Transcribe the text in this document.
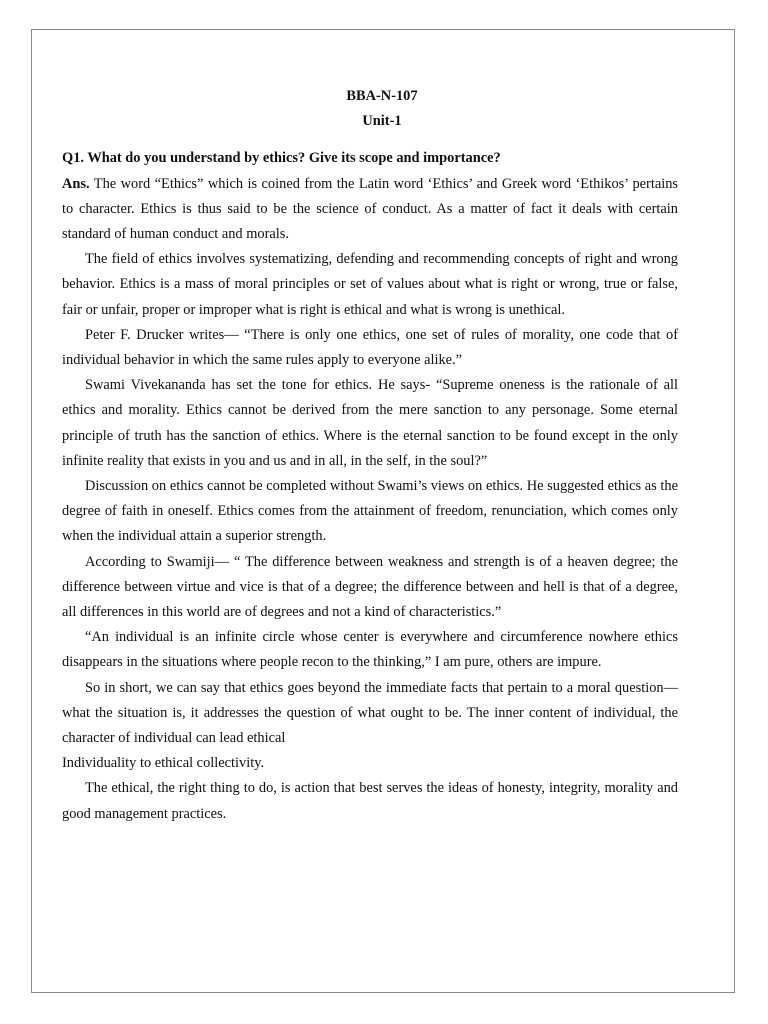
BBA-N-107
Unit-1
Q1. What do you understand by ethics? Give its scope and importance?

Ans. The word “Ethics” which is coined from the Latin word ‘Ethics’ and Greek word ‘Ethikos’ pertains to character. Ethics is thus said to be the science of conduct. As a matter of fact it deals with certain standard of human conduct and morals.

The field of ethics involves systematizing, defending and recommending concepts of right and wrong behavior. Ethics is a mass of moral principles or set of values about what is right or wrong, true or false, fair or unfair, proper or improper what is right is ethical and what is wrong is unethical.

Peter F. Drucker writes— “There is only one ethics, one set of rules of morality, one code that of individual behavior in which the same rules apply to everyone alike.”

Swami Vivekananda has set the tone for ethics. He says- “Supreme oneness is the rationale of all ethics and morality. Ethics cannot be derived from the mere sanction to any personage. Some eternal principle of truth has the sanction of ethics. Where is the eternal sanction to be found except in the only infinite reality that exists in you and us and in all, in the self, in the soul?”

Discussion on ethics cannot be completed without Swami’s views on ethics. He suggested ethics as the degree of faith in oneself. Ethics comes from the attainment of freedom, renunciation, which comes only when the individual attain a superior strength.

According to Swamiji— “ The difference between weakness and strength is of a heaven degree; the difference between virtue and vice is that of a degree; the difference between and hell is that of a degree, all differences in this world are of degrees and not a kind of characteristics.”

“An individual is an infinite circle whose center is everywhere and circumference nowhere ethics disappears in the situations where people recon to the thinking,” I am pure, others are impure.

So in short, we can say that ethics goes beyond the immediate facts that pertain to a moral question— what the situation is, it addresses the question of what ought to be. The inner content of individual, the character of individual can lead ethical

Individuality to ethical collectivity.

The ethical, the right thing to do, is action that best serves the ideas of honesty, integrity, morality and good management practices.
